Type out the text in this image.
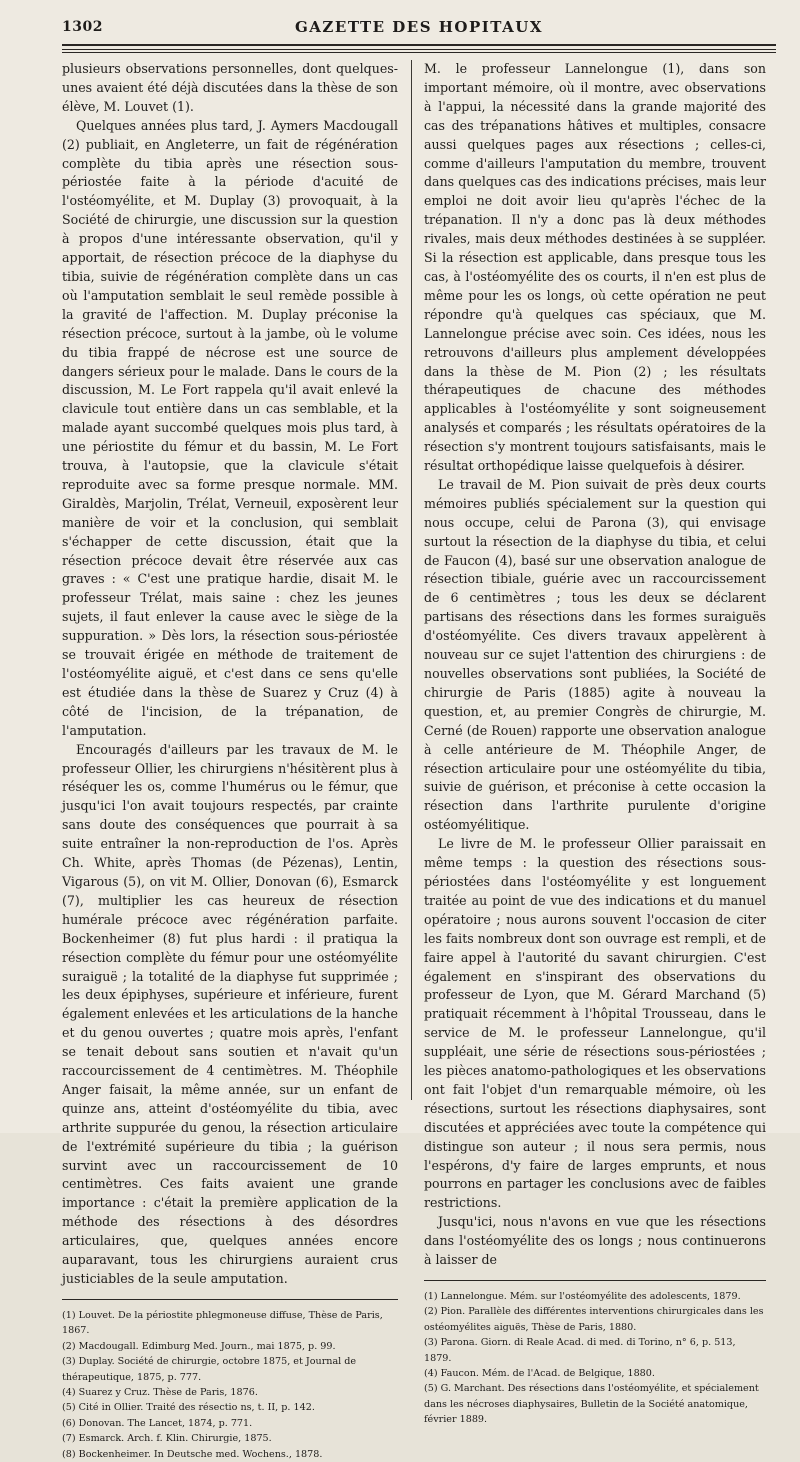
1302	GAZETTE DES HOPITAUX

plusieurs observations personnelles, dont quelques-unes avaient été déjà discutées dans la thèse de son élève, M. Louvet (1).

Quelques années plus tard, J. Aymers Macdougall (2) publiait, en Angleterre, un fait de régénération complète du tibia après une résection sous-périostée faite à la période d'acuité de l'ostéomyélite, et M. Duplay (3) provoquait, à la Société de chirurgie, une discussion sur la question à propos d'une intéressante observation, qu'il y apportait, de résection précoce de la diaphyse du tibia, suivie de régénération complète dans un cas où l'amputation semblait le seul remède possible à la gravité de l'affection. M. Duplay préconise la résection précoce, surtout à la jambe, où le volume du tibia frappé de nécrose est une source de dangers sérieux pour le malade. Dans le cours de la discussion, M. Le Fort rappela qu'il avait enlevé la clavicule tout entière dans un cas semblable, et la malade ayant succombé quelques mois plus tard, à une périostite du fémur et du bassin, M. Le Fort trouva, à l'autopsie, que la clavicule s'était reproduite avec sa forme presque normale. MM. Giraldès, Marjolin, Trélat, Verneuil, exposèrent leur manière de voir et la conclusion, qui semblait s'échapper de cette discussion, était que la résection précoce devait être réservée aux cas graves : « C'est une pratique hardie, disait M. le professeur Trélat, mais saine : chez les jeunes sujets, il faut enlever la cause avec le siège de la suppuration. » Dès lors, la résection sous-périostée se trouvait érigée en méthode de traitement de l'ostéomyélite aiguë, et c'est dans ce sens qu'elle est étudiée dans la thèse de Suarez y Cruz (4) à côté de l'incision, de la trépanation, de l'amputation.

Encouragés d'ailleurs par les travaux de M. le professeur Ollier, les chirurgiens n'hésitèrent plus à réséquer les os, comme l'humérus ou le fémur, que jusqu'ici l'on avait toujours respectés, par crainte sans doute des conséquences que pourrait à sa suite entraîner la non-reproduction de l'os. Après Ch. White, après Thomas (de Pézenas), Lentin, Vigarous (5), on vit M. Ollier, Donovan (6), Esmarck (7), multiplier les cas heureux de résection humérale précoce avec régénération parfaite. Bockenheimer (8) fut plus hardi : il pratiqua la résection complète du fémur pour une ostéomyélite suraiguë ; la totalité de la diaphyse fut supprimée ; les deux épiphyses, supérieure et inférieure, furent également enlevées et les articulations de la hanche et du genou ouvertes ; quatre mois après, l'enfant se tenait debout sans soutien et n'avait qu'un raccourcissement de 4 centimètres. M. Théophile Anger faisait, la même année, sur un enfant de quinze ans, atteint d'ostéomyélite du tibia, avec arthrite suppurée du genou, la résection articulaire de l'extrémité supérieure du tibia ; la guérison survint avec un raccourcissement de 10 centimètres. Ces faits avaient une grande importance : c'était la première application de la méthode des résections à des désordres articulaires, que, quelques années encore auparavant, tous les chirurgiens auraient crus justiciables de la seule amputation.

(1) Louvet. De la périostite phlegmoneuse diffuse, Thèse de Paris, 1867.
(2) Macdougall. Edimburg Med. Journ., mai 1875, p. 99.
(3) Duplay. Société de chirurgie, octobre 1875, et Journal de thérapeutique, 1875, p. 777.
(4) Suarez y Cruz. Thèse de Paris, 1876.
(5) Cité in Ollier. Traité des résectio ns, t. II, p. 142.
(6) Donovan. The Lancet, 1874, p. 771.
(7) Esmarck. Arch. f. Klin. Chirurgie, 1875.
(8) Bockenheimer. In Deutsche med. Wochens., 1878.

M. le professeur Lannelongue (1), dans son important mémoire, où il montre, avec observations à l'appui, la nécessité dans la grande majorité des cas des trépanations hâtives et multiples, consacre aussi quelques pages aux résections ; celles-ci, comme d'ailleurs l'amputation du membre, trouvent dans quelques cas des indications précises, mais leur emploi ne doit avoir lieu qu'après l'échec de la trépanation. Il n'y a donc pas là deux méthodes rivales, mais deux méthodes destinées à se suppléer. Si la résection est applicable, dans presque tous les cas, à l'ostéomyélite des os courts, il n'en est plus de même pour les os longs, où cette opération ne peut répondre qu'à quelques cas spéciaux, que M. Lannelongue précise avec soin. Ces idées, nous les retrouvons d'ailleurs plus amplement développées dans la thèse de M. Pion (2) ; les résultats thérapeutiques de chacune des méthodes applicables à l'ostéomyélite y sont soigneusement analysés et comparés ; les résultats opératoires de la résection s'y montrent toujours satisfaisants, mais le résultat orthopédique laisse quelquefois à désirer.

Le travail de M. Pion suivait de près deux courts mémoires publiés spécialement sur la question qui nous occupe, celui de Parona (3), qui envisage surtout la résection de la diaphyse du tibia, et celui de Faucon (4), basé sur une observation analogue de résection tibiale, guérie avec un raccourcissement de 6 centimètres ; tous les deux se déclarent partisans des résections dans les formes suraiguës d'ostéomyélite. Ces divers travaux appelèrent à nouveau sur ce sujet l'attention des chirurgiens : de nouvelles observations sont publiées, la Société de chirurgie de Paris (1885) agite à nouveau la question, et, au premier Congrès de chirurgie, M. Cerné (de Rouen) rapporte une observation analogue à celle antérieure de M. Théophile Anger, de résection articulaire pour une ostéomyélite du tibia, suivie de guérison, et préconise à cette occasion la résection dans l'arthrite purulente d'origine ostéomyélitique.

Le livre de M. le professeur Ollier paraissait en même temps : la question des résections sous-périostées dans l'ostéomyélite y est longuement traitée au point de vue des indications et du manuel opératoire ; nous aurons souvent l'occasion de citer les faits nombreux dont son ouvrage est rempli, et de faire appel à l'autorité du savant chirurgien. C'est également en s'inspirant des observations du professeur de Lyon, que M. Gérard Marchand (5) pratiquait récemment à l'hôpital Trousseau, dans le service de M. le professeur Lannelongue, qu'il suppléait, une série de résections sous-périostées ; les pièces anatomo-pathologiques et les observations ont fait l'objet d'un remarquable mémoire, où les résections, surtout les résections diaphysaires, sont discutées et appréciées avec toute la compétence qui distingue son auteur ; il nous sera permis, nous l'espérons, d'y faire de larges emprunts, et nous pourrons en partager les conclusions avec de faibles restrictions.

Jusqu'ici, nous n'avons en vue que les résections dans l'ostéomyélite des os longs ; nous continuerons à laisser de

(1) Lannelongue. Mém. sur l'ostéomyélite des adolescents, 1879.
(2) Pion. Parallèle des différentes interventions chirurgicales dans les ostéomyélites aiguës, Thèse de Paris, 1880.
(3) Parona. Giorn. di Reale Acad. di med. di Torino, n° 6, p. 513, 1879.
(4) Faucon. Mém. de l'Acad. de Belgique, 1880.
(5) G. Marchant. Des résections dans l'ostéomyélite, et spécialement dans les nécroses diaphysaires, Bulletin de la Société anatomique, février 1889.
